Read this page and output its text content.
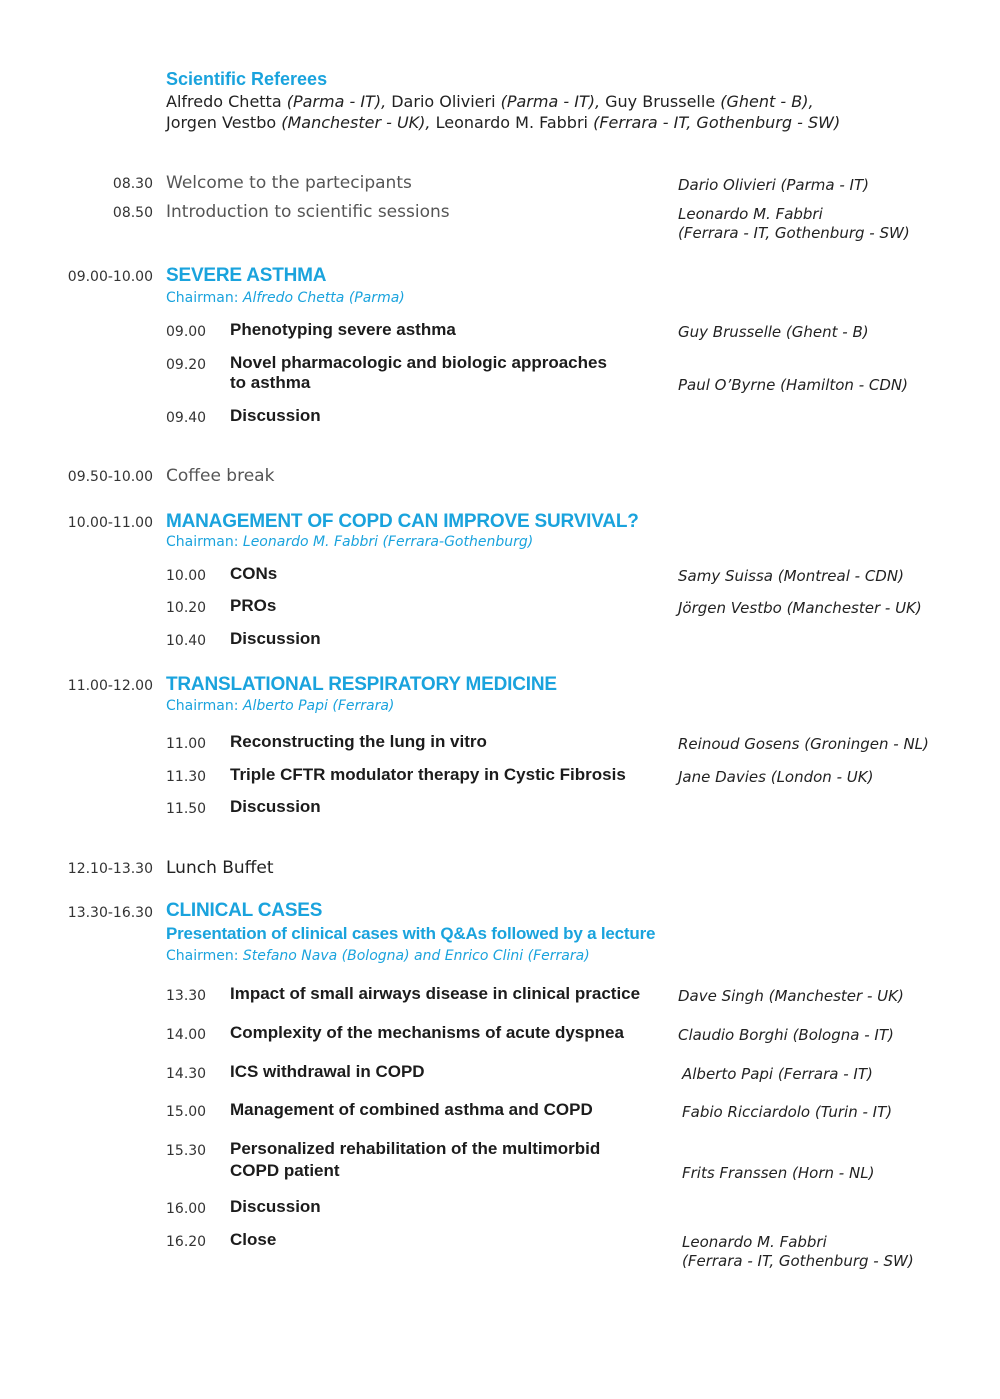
Scientific Referees
Alfredo Chetta (Parma - IT), Dario Olivieri (Parma - IT), Guy Brusselle (Ghent - B),
Jorgen Vestbo (Manchester - UK), Leonardo M. Fabbri (Ferrara - IT, Gothenburg - SW)
08.30 Welcome to the partecipants	Dario Olivieri (Parma - IT)
08.50 Introduction to scientific sessions	Leonardo M. Fabbri
(Ferrara - IT, Gothenburg - SW)
09.00-10.00 SEVERE ASTHMA
Chairman: Alfredo Chetta (Parma)
09.00 Phenotyping severe asthma	Guy Brusselle (Ghent - B)
09.20 Novel pharmacologic and biologic approaches
to asthma	Paul O’Byrne (Hamilton - CDN)
09.40 Discussion
09.50-10.00 Coffee break
10.00-11.00 MANAGEMENT OF COPD CAN IMPROVE SURVIVAL?
Chairman: Leonardo M. Fabbri (Ferrara-Gothenburg)
10.00 CONs	Samy Suissa (Montreal - CDN)
10.20 PROs	Jörgen Vestbo (Manchester - UK)
10.40 Discussion
11.00-12.00 TRANSLATIONAL RESPIRATORY MEDICINE
Chairman: Alberto Papi (Ferrara)
11.00 Reconstructing the lung in vitro	Reinoud Gosens (Groningen - NL)
11.30 Triple CFTR modulator therapy in Cystic Fibrosis	Jane Davies (London - UK)
11.50 Discussion
12.10-13.30 Lunch Buffet
13.30-16.30 CLINICAL CASES
Presentation of clinical cases with Q&As followed by a lecture
Chairmen: Stefano Nava (Bologna) and Enrico Clini (Ferrara)
13.30 Impact of small airways disease in clinical practice	Dave Singh (Manchester - UK)
14.00 Complexity of the mechanisms of acute dyspnea	Claudio Borghi (Bologna - IT)
14.30 ICS withdrawal in COPD	Alberto Papi (Ferrara - IT)
15.00 Management of combined asthma and COPD	Fabio Ricciardolo (Turin - IT)
15.30 Personalized rehabilitation of the multimorbid
COPD patient	Frits Franssen (Horn - NL)
16.00 Discussion
16.20 Close	Leonardo M. Fabbri
(Ferrara - IT, Gothenburg - SW)
